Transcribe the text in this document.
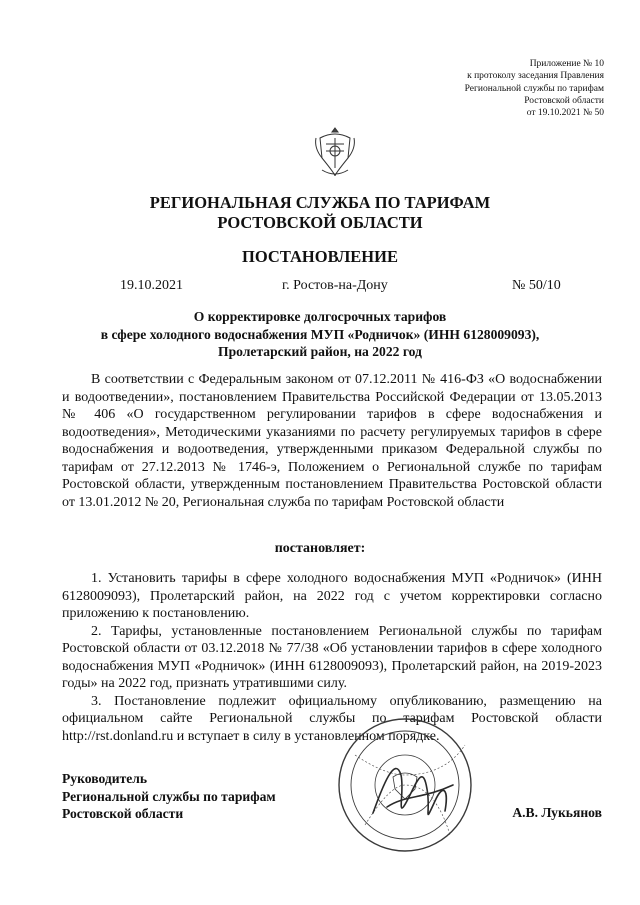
Приложение № 10
к протоколу заседания Правления
Региональной службы по тарифам
Ростовской области
от 19.10.2021 № 50
РЕГИОНАЛЬНАЯ СЛУЖБА ПО ТАРИФАМ
РОСТОВСКОЙ ОБЛАСТИ
ПОСТАНОВЛЕНИЕ
19.10.2021	г. Ростов-на-Дону	№ 50/10
О корректировке долгосрочных тарифов
в сфере холодного водоснабжения МУП «Родничок» (ИНН 6128009093),
Пролетарский район, на 2022 год
В соответствии с Федеральным законом от 07.12.2011 № 416-ФЗ «О водоснабжении и водоотведении», постановлением Правительства Российской Федерации от 13.05.2013 № 406 «О государственном регулировании тарифов в сфере водоснабжения и водоотведения», Методическими указаниями по расчету регулируемых тарифов в сфере водоснабжения и водоотведения, утвержденными приказом Федеральной службы по тарифам от 27.12.2013 № 1746-э, Положением о Региональной службе по тарифам Ростовской области, утвержденным постановлением Правительства Ростовской области от 13.01.2012 № 20, Региональная служба по тарифам Ростовской области
постановляет:

1. Установить тарифы в сфере холодного водоснабжения МУП «Родничок» (ИНН 6128009093), Пролетарский район, на 2022 год с учетом корректировки согласно приложению к постановлению.

2. Тарифы, установленные постановлением Региональной службы по тарифам Ростовской области от 03.12.2018 № 77/38 «Об установлении тарифов в сфере холодного водоснабжения МУП «Родничок» (ИНН 6128009093), Пролетарский район, на 2019-2023 годы» на 2022 год, признать утратившими силу.

3. Постановление подлежит официальному опубликованию, размещению на официальном сайте Региональной службы по тарифам Ростовской области http://rst.donland.ru и вступает в силу в установленном порядке.

Руководитель
Региональной службы по тарифам
Ростовской области	А.В. Лукьянов
